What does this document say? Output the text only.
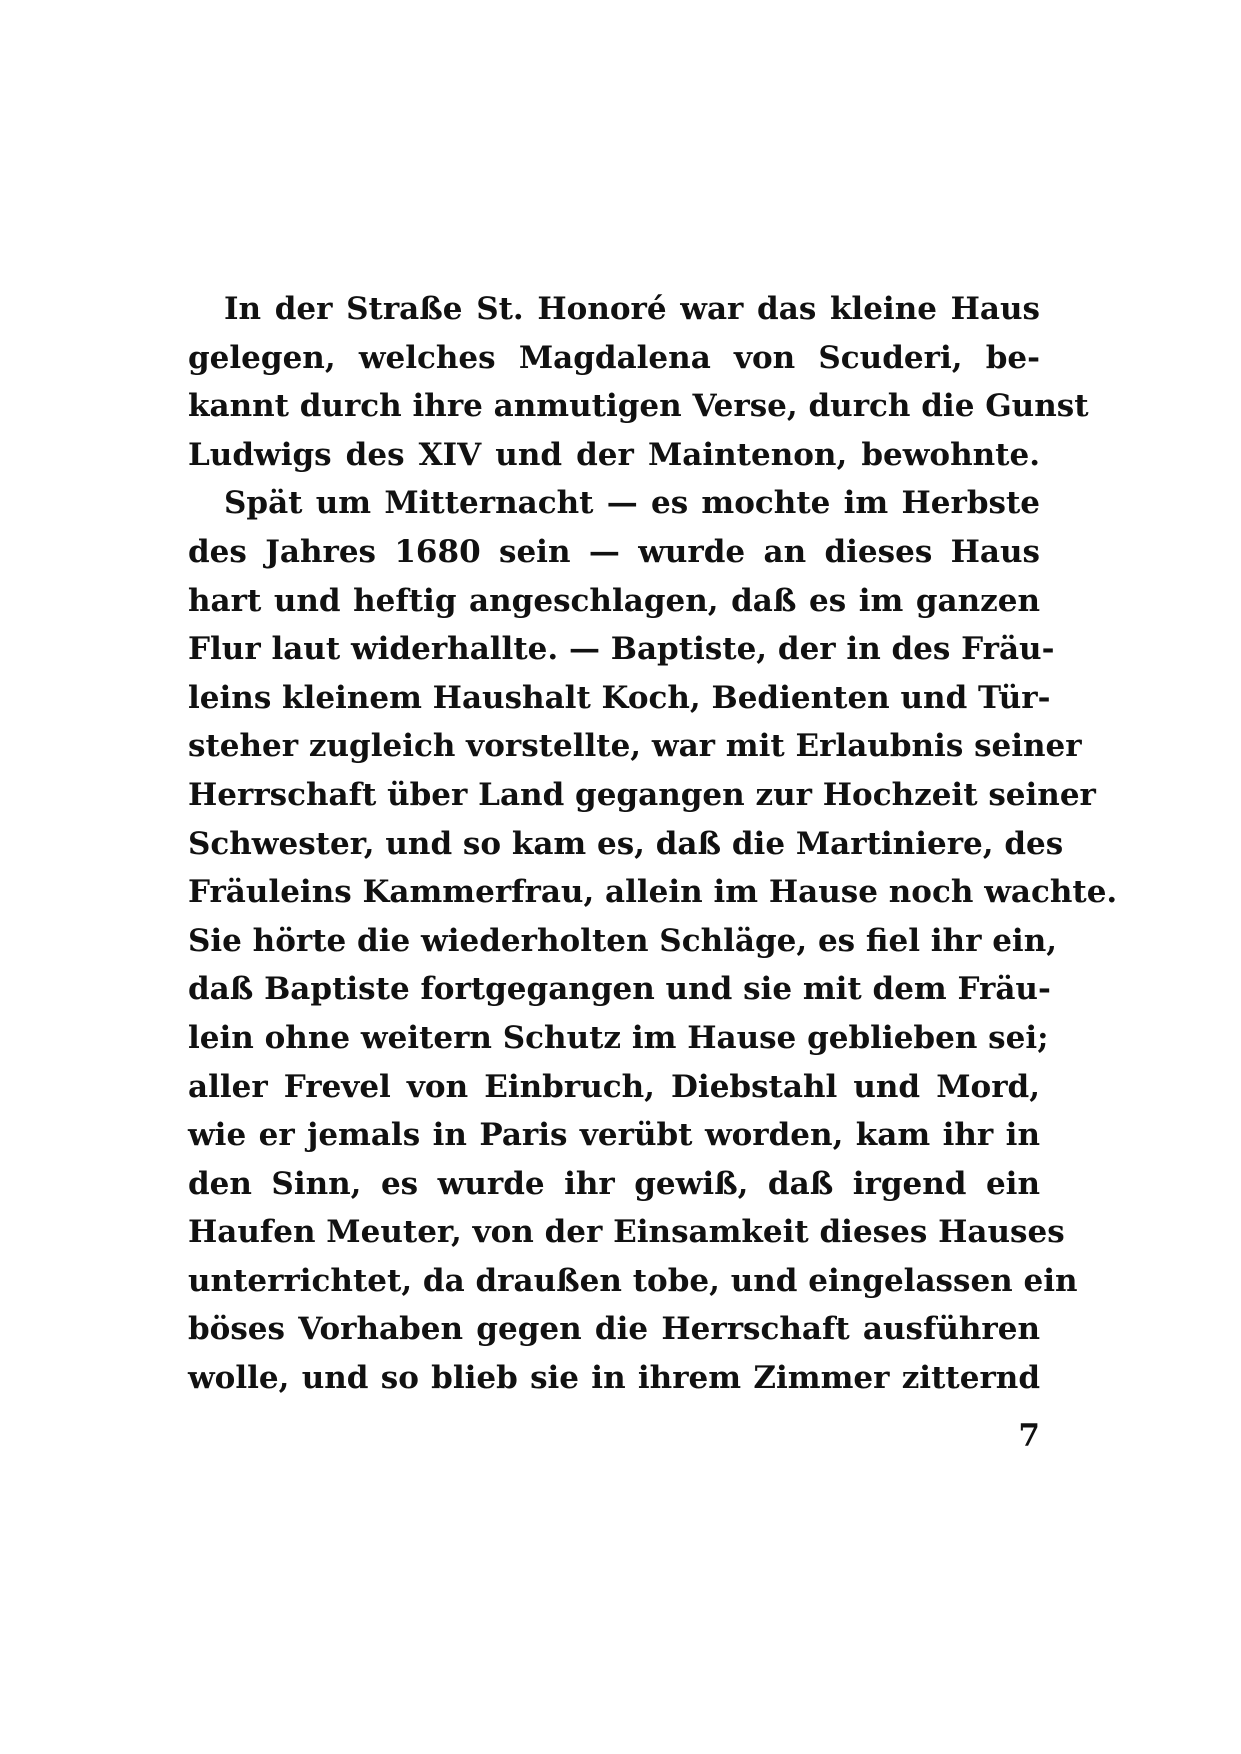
In der Straße St. Honoré war das kleine Haus
gelegen, welches Magdalena von Scuderi, be-
kannt durch ihre anmutigen Verse, durch die Gunst
Ludwigs des XIV und der Maintenon, bewohnte.
Spät um Mitternacht — es mochte im Herbste
des Jahres 1680 sein — wurde an dieses Haus
hart und heftig angeschlagen, daß es im ganzen
Flur laut widerhallte. — Baptiste, der in des Fräu-
leins kleinem Haushalt Koch, Bedienten und Tür-
steher zugleich vorstellte, war mit Erlaubnis seiner
Herrschaft über Land gegangen zur Hochzeit seiner
Schwester, und so kam es, daß die Martiniere, des
Fräuleins Kammerfrau, allein im Hause noch wachte.
Sie hörte die wiederholten Schläge, es fiel ihr ein,
daß Baptiste fortgegangen und sie mit dem Fräu-
lein ohne weitern Schutz im Hause geblieben sei;
aller Frevel von Einbruch, Diebstahl und Mord,
wie er jemals in Paris verübt worden, kam ihr in
den Sinn, es wurde ihr gewiß, daß irgend ein
Haufen Meuter, von der Einsamkeit dieses Hauses
unterrichtet, da draußen tobe, und eingelassen ein
böses Vorhaben gegen die Herrschaft ausführen
wolle, und so blieb sie in ihrem Zimmer zitternd
7
